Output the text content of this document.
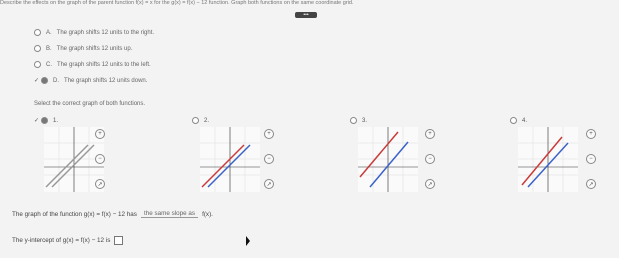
Describe the effects on the graph of the parent function f(x) = x for the g(x) = f(x) − 12 function. Graph both functions on the same coordinate grid.
•••
A. The graph shifts 12 units to the right.
B. The graph shifts 12 units up.
C. The graph shifts 12 units to the left.
✓ D. The graph shifts 12 units down.
Select the correct graph of both functions.
✓ 1.	2.	3.	4.
+
−
↗
+
−
↗
+
−
↗
+
−
↗
The graph of the function g(x) = f(x) − 12 has	the same slope as	f(x).
The y-intercept of g(x) = f(x) − 12 is
